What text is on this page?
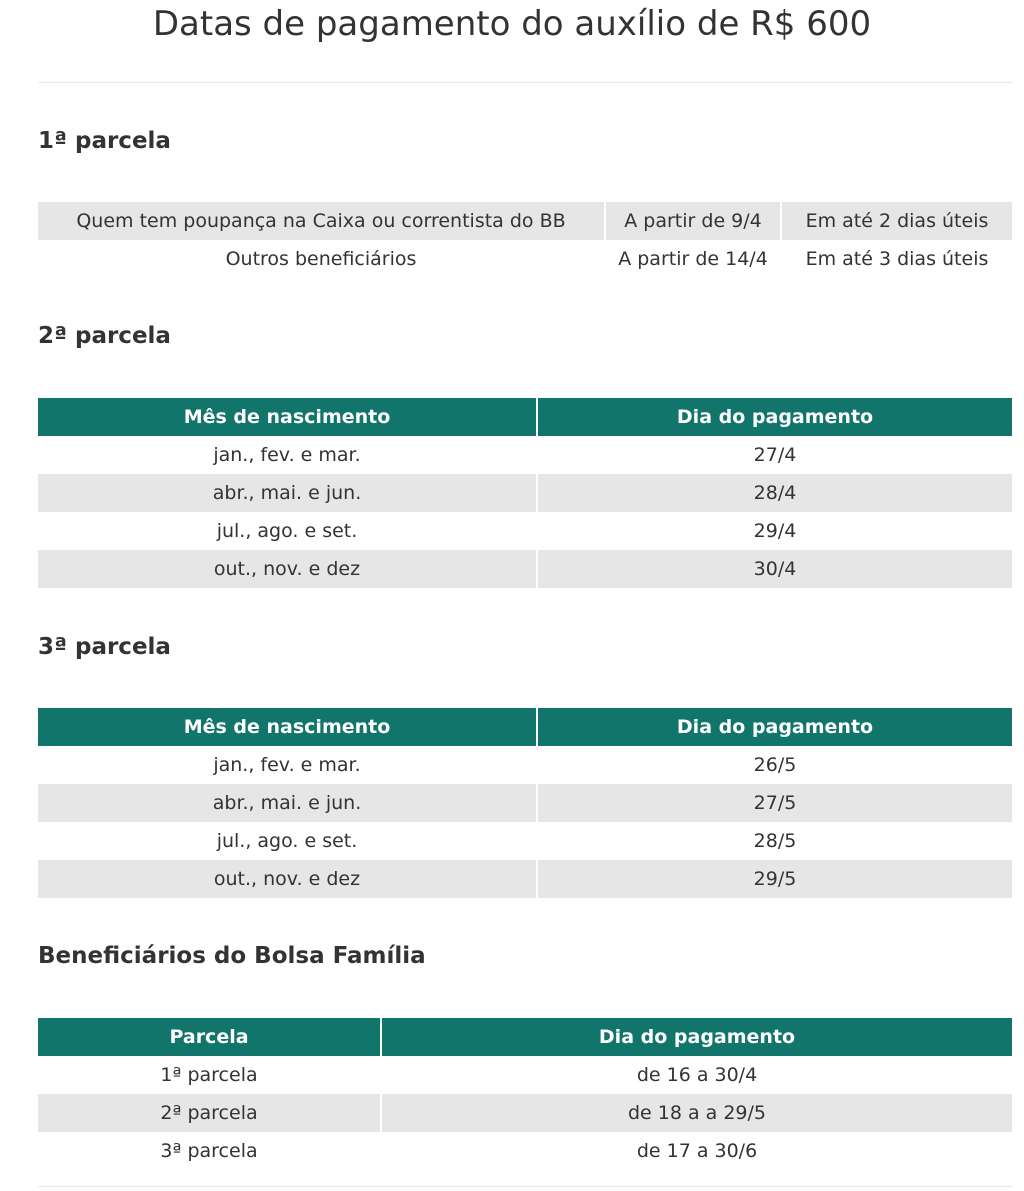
Datas de pagamento do auxílio de R$ 600
1ª parcela
Quem tem poupança na Caixa ou correntista do BB	A partir de 9/4	Em até 2 dias úteis
Outros beneficiários	A partir de 14/4	Em até 3 dias úteis
2ª parcela
Mês de nascimento	Dia do pagamento
jan., fev. e mar.	27/4
abr., mai. e jun.	28/4
jul., ago. e set.	29/4
out., nov. e dez	30/4
3ª parcela
Mês de nascimento	Dia do pagamento
jan., fev. e mar.	26/5
abr., mai. e jun.	27/5
jul., ago. e set.	28/5
out., nov. e dez	29/5
Beneficiários do Bolsa Família
Parcela	Dia do pagamento
1ª parcela	de 16 a 30/4
2ª parcela	de 18 a a 29/5
3ª parcela	de 17 a 30/6
